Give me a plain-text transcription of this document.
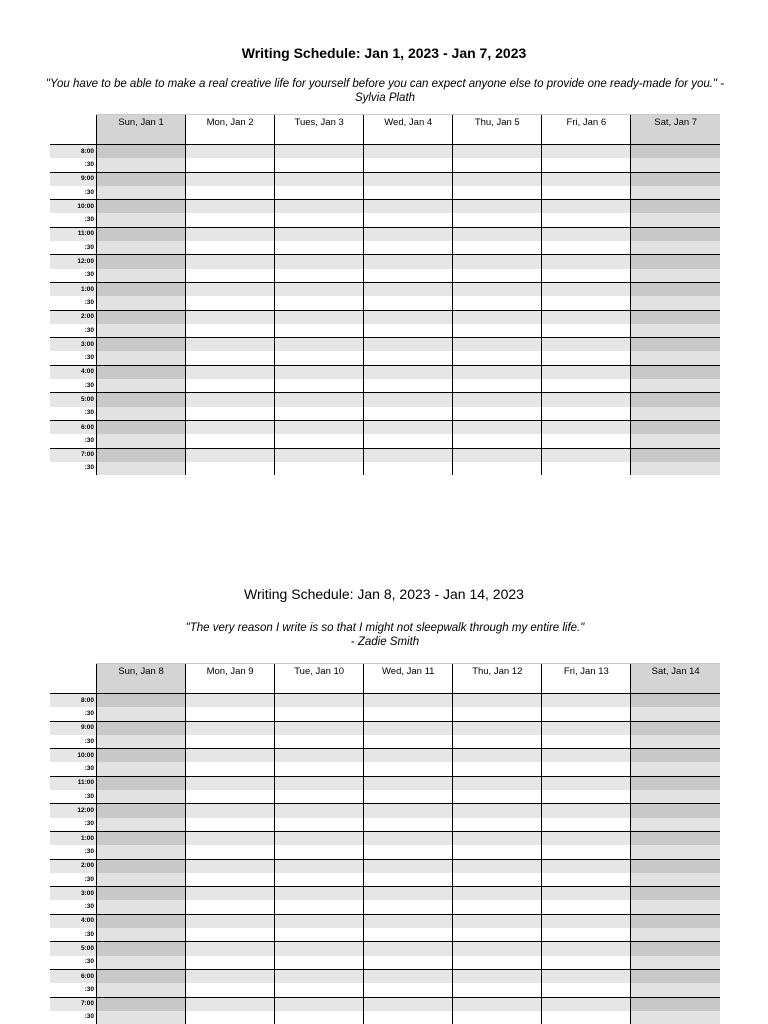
Writing Schedule: Jan 1, 2023 - Jan 7, 2023
"You have to be able to make a real creative life for yourself before you can expect anyone else to provide one ready-made for you." - Sylvia Plath
	Sun, Jan 1	Mon, Jan 2	Tues, Jan 3	Wed, Jan 4	Thu, Jan 5	Fri, Jan 6	Sat, Jan 7
8:00							
:30							
9:00							
:30							
10:00							
:30							
11:00							
:30							
12:00							
:30							
1:00							
:30							
2:00							
:30							
3:00							
:30							
4:00							
:30							
5:00							
:30							
6:00							
:30							
7:00							
:30							
Writing Schedule: Jan 8, 2023 - Jan 14, 2023
"The very reason I write is so that I might not sleepwalk through my entire life."
- Zadie Smith
	Sun, Jan 8	Mon, Jan 9	Tue, Jan 10	Wed, Jan 11	Thu, Jan 12	Fri, Jan 13	Sat, Jan 14
8:00							
:30							
9:00							
:30							
10:00							
:30							
11:00							
:30							
12:00							
:30							
1:00							
:30							
2:00							
:30							
3:00							
:30							
4:00							
:30							
5:00							
:30							
6:00							
:30							
7:00							
:30							
